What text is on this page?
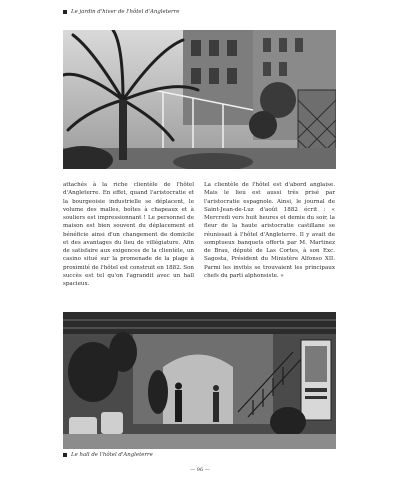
Le jardin d'hiver de l'hôtel d'Angleterre
attachés à la riche clientèle de l'hôtel d'Angleterre. En effet, quand l'aristocratie et la bourgeoisie industrielle se déplacent, le volume des malles, boîtes à chapeaux et à souliers est impressionnant ! Le personnel de maison est bien souvent du déplacement et bénéficie ainsi d'un changement de domicile et des avantages du lieu de villégiature. Afin de satisfaire aux exigences de la clientèle, un casino situé sur la promenade de la plage à proximité de l'hôtel est construit en 1882. Son succès est tel qu'on l'agrandit avec un hall spacieux.
La clientèle de l'hôtel est d'abord anglaise. Mais le lieu est aussi très prisé par l'aristocratie espagnole. Ainsi, le journal de Saint-Jean-de-Luz d'août 1882 écrit : « Mercredi vers huit heures et demie du soir, la fleur de la haute aristocratie castillane se réunissait à l'hôtel d'Angleterre. Il y avait de somptueux banquets offerts par M. Martinez de Brau, député de Las Cortes, à son Exc. Sagosta, Président du Ministère Alfonso XII. Parmi les invités se trouvaient les principaux chefs du parti alphonsiste. »
Le hall de l'hôtel d'Angleterre
— 96 —
